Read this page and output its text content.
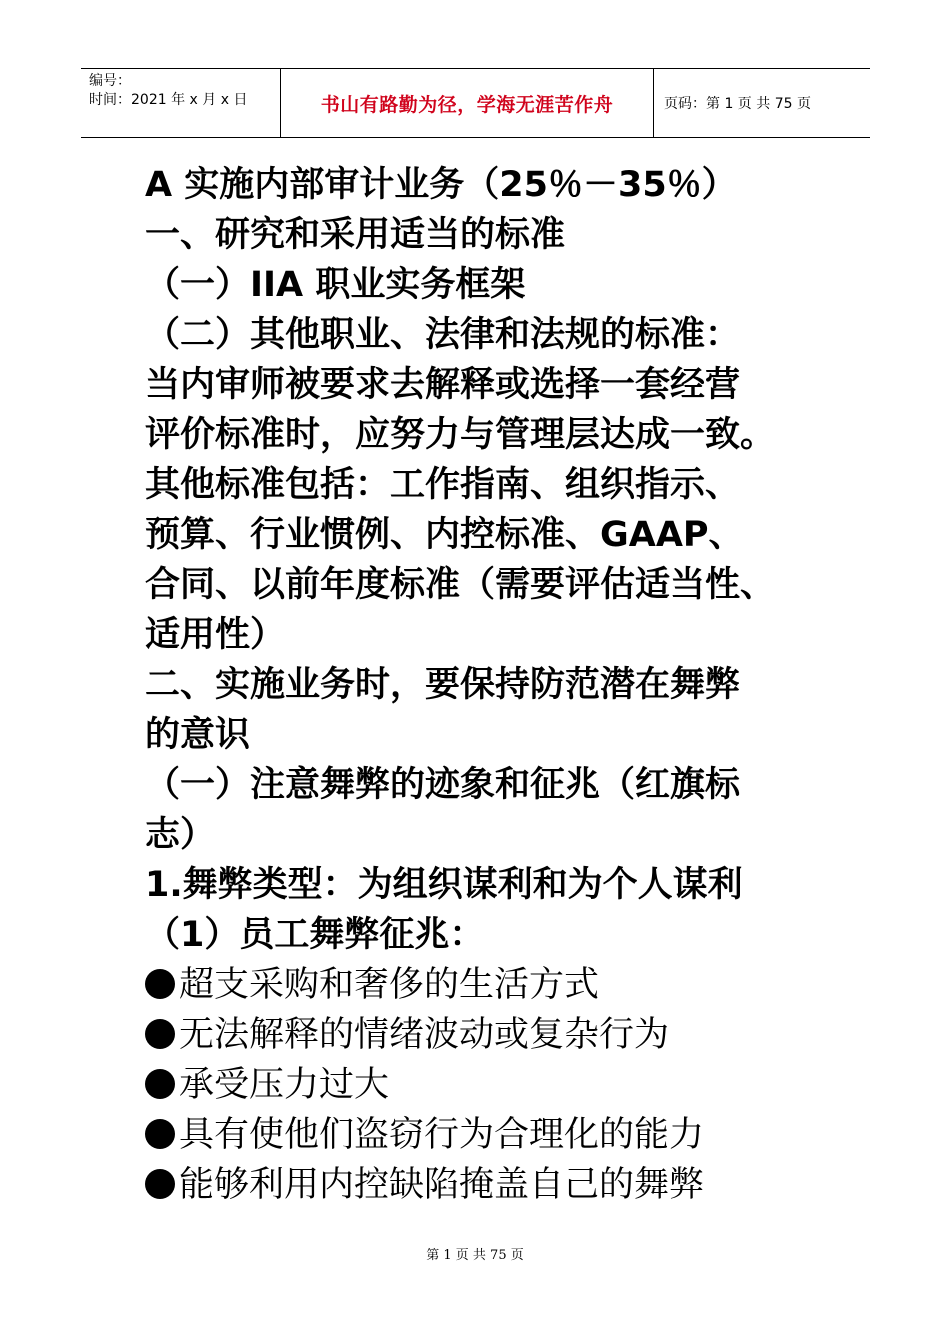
编号：
时间：2021 年 x 月 x 日	书山有路勤为径，学海无涯苦作舟	页码：第 1 页 共 75 页
A 实施内部审计业务（25％－35％）
一、研究和采用适当的标准
（一）IIA 职业实务框架
（二）其他职业、法律和法规的标准：
当内审师被要求去解释或选择一套经营
评价标准时，应努力与管理层达成一致。
其他标准包括：工作指南、组织指示、
预算、行业惯例、内控标准、GAAP、
合同、以前年度标准（需要评估适当性、
适用性）
二、实施业务时，要保持防范潜在舞弊
的意识
（一）注意舞弊的迹象和征兆（红旗标
志）
1.舞弊类型：为组织谋利和为个人谋利
（1）员工舞弊征兆：
超支采购和奢侈的生活方式
无法解释的情绪波动或复杂行为
承受压力过大
具有使他们盗窃行为合理化的能力
能够利用内控缺陷掩盖自己的舞弊
第 1 页 共 75 页
